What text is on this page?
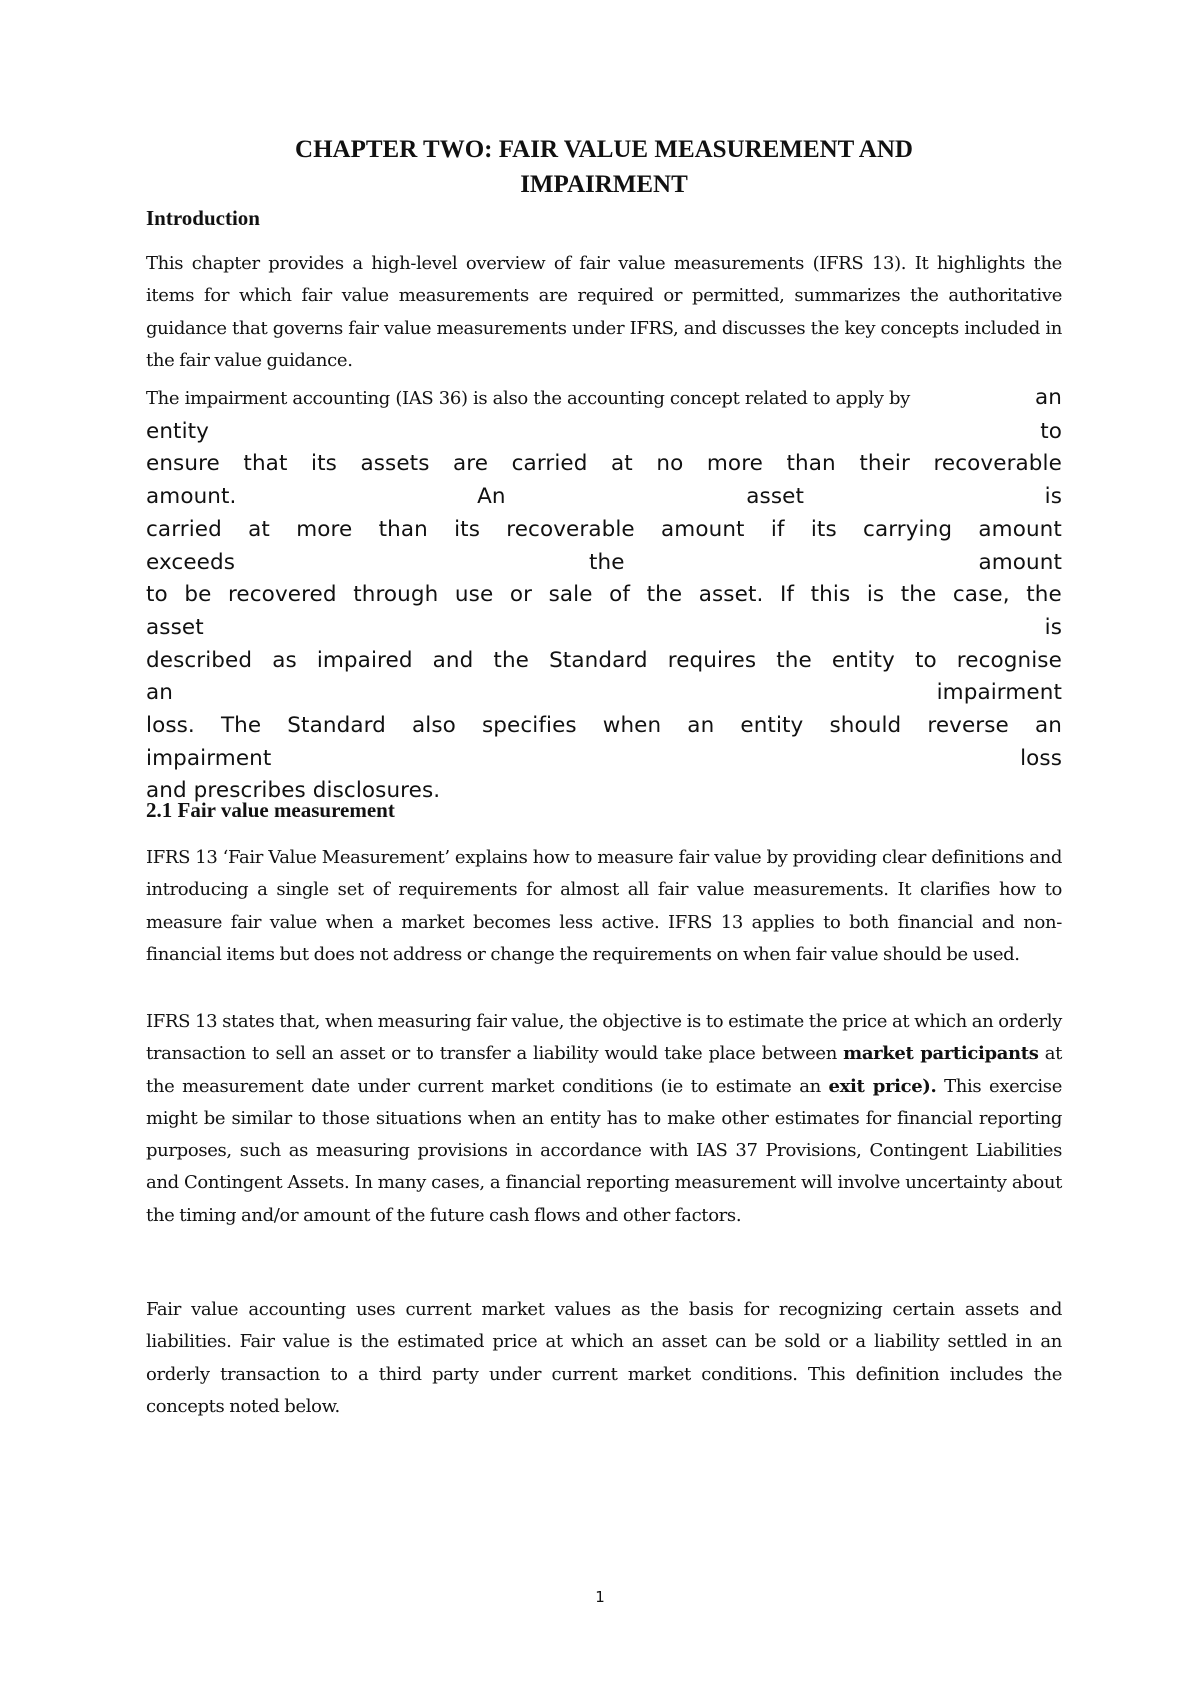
CHAPTER TWO: FAIR VALUE MEASUREMENT AND
IMPAIRMENT
Introduction

This chapter provides a high-level overview of fair value measurements (IFRS 13). It highlights the items for which fair value measurements are required or permitted, summarizes the authoritative guidance that governs fair value measurements under IFRS, and discusses the key concepts included in the fair value guidance.

The impairment accounting (IAS 36) is also the accounting concept related to apply by	an
entity	to
ensure that its assets are carried at no more than their recoverable
amount.	An	asset	is
carried at more than its recoverable amount if its carrying amount
exceeds	the	amount
to be recovered through use or sale of the asset. If this is the case, the
asset	is
described as impaired and the Standard requires the entity to recognise
an	impairment
loss. The Standard also specifies when an entity should reverse an
impairment	loss
and prescribes disclosures.
2.1 Fair value measurement

IFRS 13 ‘Fair Value Measurement’ explains how to measure fair value by providing clear definitions and introducing a single set of requirements for almost all fair value measurements. It clarifies how to measure fair value when a market becomes less active. IFRS 13 applies to both financial and non-financial items but does not address or change the requirements on when fair value should be used.

IFRS 13 states that, when measuring fair value, the objective is to estimate the price at which an orderly transaction to sell an asset or to transfer a liability would take place between market participants at the measurement date under current market conditions (ie to estimate an exit price). This exercise might be similar to those situations when an entity has to make other estimates for financial reporting purposes, such as measuring provisions in accordance with IAS 37 Provisions, Contingent Liabilities and Contingent Assets. In many cases, a financial reporting measurement will involve uncertainty about the timing and/or amount of the future cash flows and other factors.

Fair value accounting uses current market values as the basis for recognizing certain assets and liabilities. Fair value is the estimated price at which an asset can be sold or a liability settled in an orderly transaction to a third party under current market conditions. This definition includes the concepts noted below.

1
